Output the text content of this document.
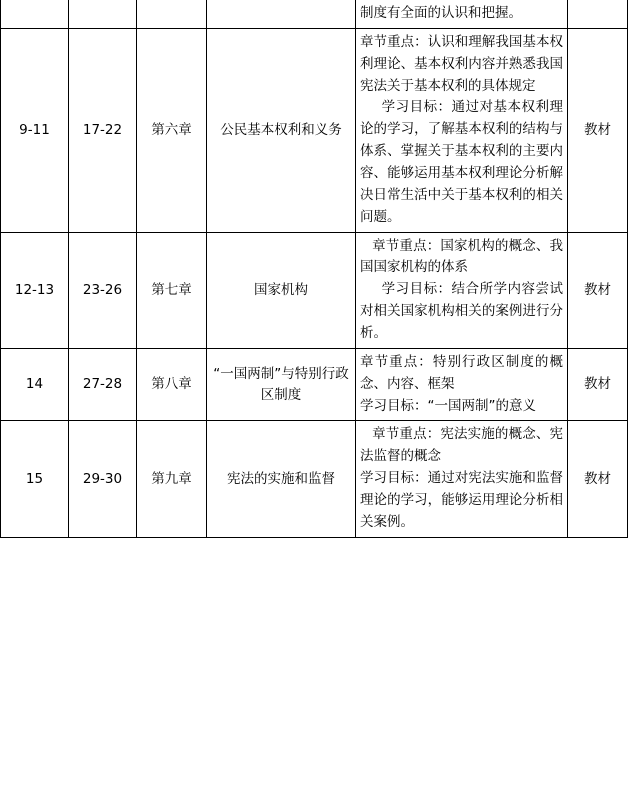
				制度有全面的认识和把握。	

9-11	17-22	第六章	公民基本权利和义务	章节重点：认识和理解我国基本权利理论、基本权利内容并熟悉我国宪法关于基本权利的具体规定

学习目标：通过对基本权利理论的学习，了解基本权利的结构与体系、掌握关于基本权利的主要内容、能够运用基本权利理论分析解决日常生活中关于基本权利的相关问题。	教材
12-13	23-26	第七章	国家机构	章节重点：国家机构的概念、我国国家机构的体系

学习目标：结合所学内容尝试对相关国家机构相关的案例进行分析。	教材
14	27-28	第八章	“一国两制”与特别行政区制度	章节重点：特别行政区制度的概念、内容、框架

学习目标：“一国两制”的意义	教材
15	29-30	第九章	宪法的实施和监督	章节重点：宪法实施的概念、宪法监督的概念

学习目标：通过对宪法实施和监督理论的学习，能够运用理论分析相关案例。	教材
